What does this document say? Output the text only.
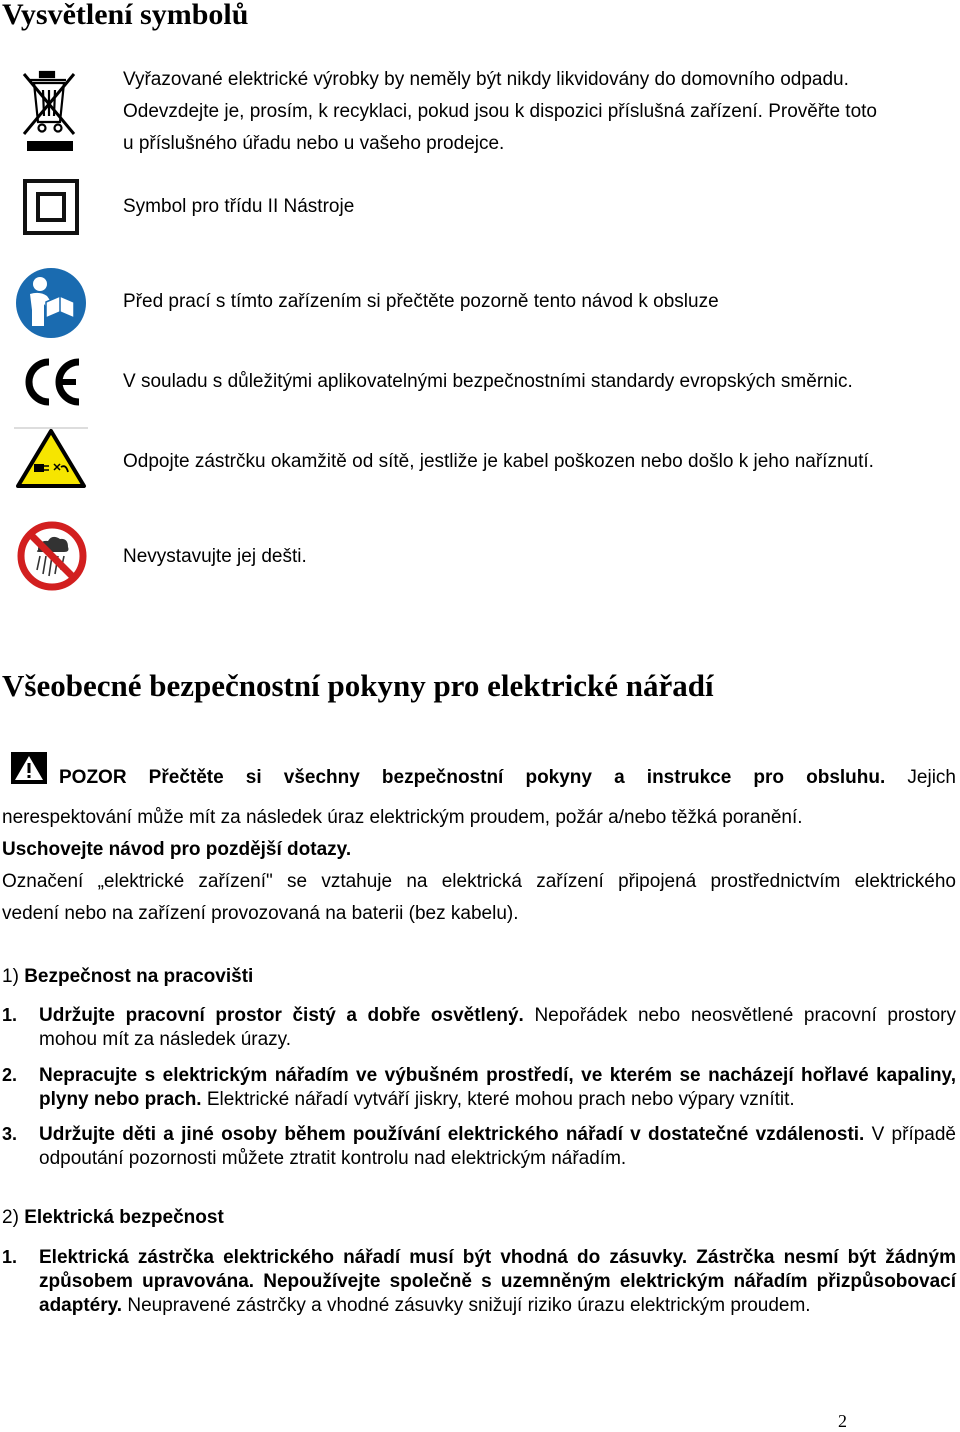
Vysvětlení symbolů
Vyřazované elektrické výrobky by neměly být nikdy likvidovány do domovního odpadu.
Odevzdejte je, prosím, k recyklaci, pokud jsou k dispozici příslušná zařízení. Prověřte toto
u příslušného úřadu nebo u vašeho prodejce.
Symbol pro třídu II Nástroje
Před prací s tímto zařízením si přečtěte pozorně tento návod k obsluze
V souladu s důležitými aplikovatelnými bezpečnostními standardy evropských směrnic.
Odpojte zástrčku okamžitě od sítě, jestliže je kabel poškozen nebo došlo k jeho naříznutí.
Nevystavujte jej dešti.
Všeobecné bezpečnostní pokyny pro elektrické nářadí
POZOR Přečtěte si všechny bezpečnostní pokyny a instrukce pro obsluhu. Jejich
nerespektování může mít za následek úraz elektrickým proudem, požár a/nebo těžká poranění.
Uschovejte návod pro pozdější dotazy.
Označení „elektrické zařízení" se vztahuje na elektrická zařízení připojená prostřednictvím elektrického
vedení nebo na zařízení provozovaná na baterii (bez kabelu).
1) Bezpečnost na pracovišti
1. Udržujte pracovní prostor čistý a dobře osvětlený. Nepořádek nebo neosvětlené pracovní prostory mohou mít za následek úrazy.
2. Nepracujte s elektrickým nářadím ve výbušném prostředí, ve kterém se nacházejí hořlavé kapaliny, plyny nebo prach. Elektrické nářadí vytváří jiskry, které mohou prach nebo výpary vznítit.
3. Udržujte děti a jiné osoby během používání elektrického nářadí v dostatečné vzdálenosti. V případě odpoutání pozornosti můžete ztratit kontrolu nad elektrickým nářadím.
2) Elektrická bezpečnost
1. Elektrická zástrčka elektrického nářadí musí být vhodná do zásuvky. Zástrčka nesmí být žádným způsobem upravována. Nepoužívejte společně s uzemněným elektrickým nářadím přizpůsobovací adaptéry. Neupravené zástrčky a vhodné zásuvky snižují riziko úrazu elektrickým proudem.
2
